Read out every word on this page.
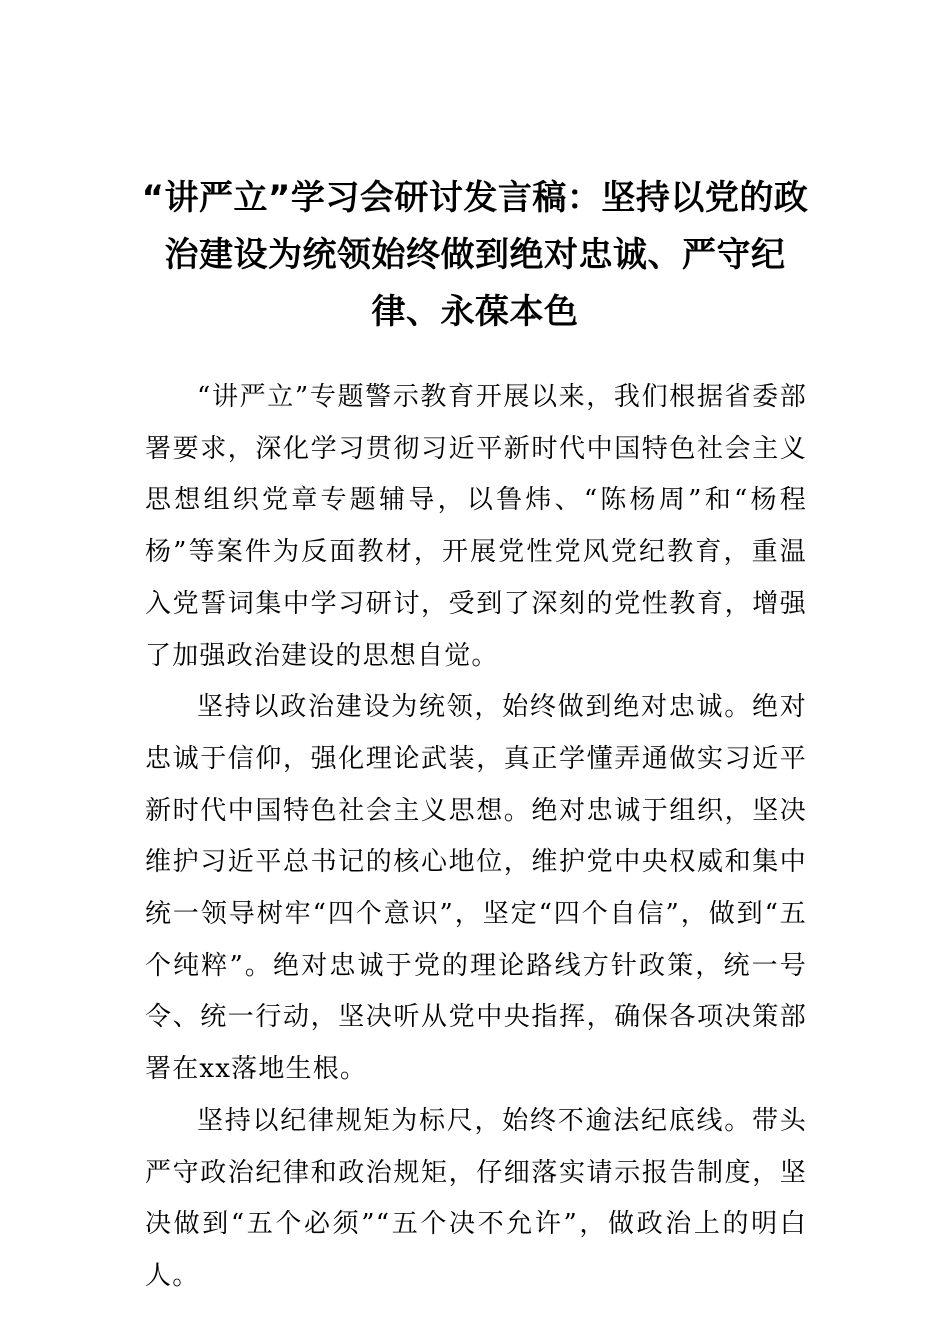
“讲严立”学习会研讨发言稿：坚持以党的政治建设为统领始终做到绝对忠诚、严守纪律、永葆本色

“讲严立”专题警示教育开展以来，我们根据省委部署要求，深化学习贯彻习近平新时代中国特色社会主义思想组织党章专题辅导，以鲁炜、“陈杨周”和“杨程杨”等案件为反面教材，开展党性党风党纪教育，重温入党誓词集中学习研讨，受到了深刻的党性教育，增强了加强政治建设的思想自觉。

坚持以政治建设为统领，始终做到绝对忠诚。绝对忠诚于信仰，强化理论武装，真正学懂弄通做实习近平新时代中国特色社会主义思想。绝对忠诚于组织，坚决维护习近平总书记的核心地位，维护党中央权威和集中统一领导树牢“四个意识”，坚定“四个自信”，做到“五个纯粹”。绝对忠诚于党的理论路线方针政策，统一号令、统一行动，坚决听从党中央指挥，确保各项决策部署在xx落地生根。

坚持以纪律规矩为标尺，始终不逾法纪底线。带头严守政治纪律和政治规矩，仔细落实请示报告制度，坚决做到“五个必须”“五个决不允许”，做政治上的明白人。
